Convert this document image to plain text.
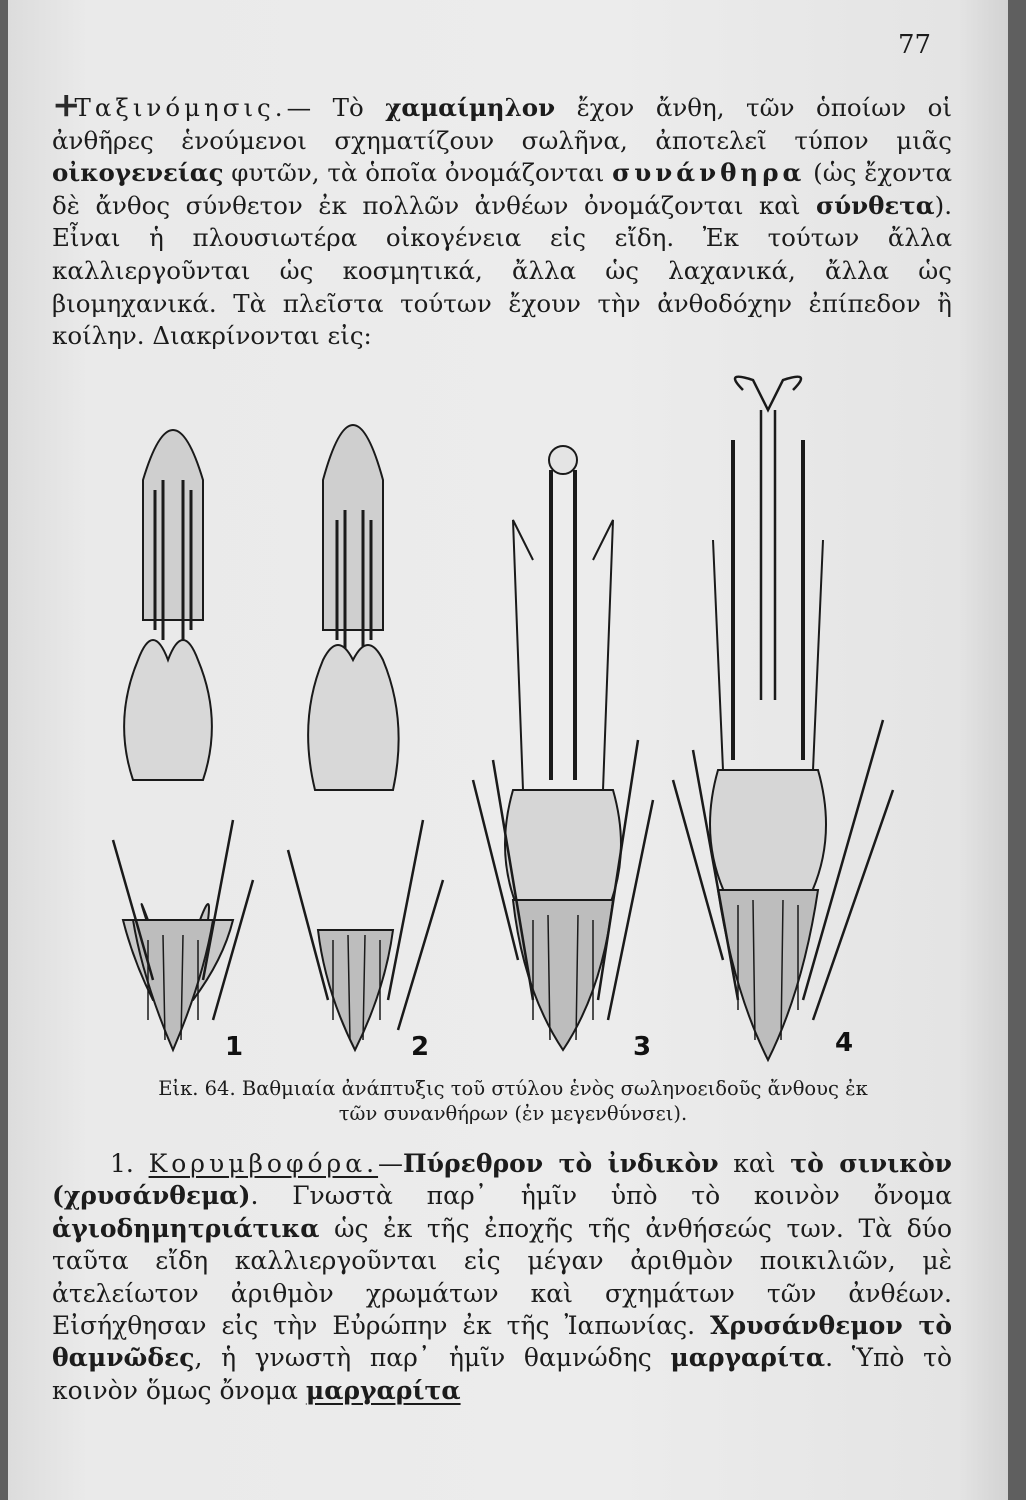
77

+Ταξινόμησις.— Τὸ χαμαίμηλον ἔχον ἄνθη, τῶν ὁποίων οἱ ἀνθῆρες ἑνούμενοι σχηματίζουν σωλῆνα, ἀποτελεῖ τύπον μιᾶς οἰκογενείας φυτῶν, τὰ ὁποῖα ὀνομάζονται συνάνθηρα (ὡς ἔχοντα δὲ ἄνθος σύνθετον ἐκ πολλῶν ἀνθέων ὀνομάζονται καὶ σύνθετα). Εἶναι ἡ πλουσιωτέρα οἰκογένεια εἰς εἴδη. Ἐκ τούτων ἄλλα καλλιεργοῦνται ὡς κοσμητικά, ἄλλα ὡς λαχανικά, ἄλλα ὡς βιομηχανικά. Τὰ πλεῖστα τούτων ἔχουν τὴν ἀνθοδόχην ἐπίπεδον ἢ κοίλην. Διακρίνονται εἰς:

1	2	3	4

Εἰκ. 64. Βαθμιαία ἀνάπτυξις τοῦ στύλου ἑνὸς σωληνοειδοῦς ἄνθους ἐκ
τῶν συνανθήρων (ἐν μεγενθύνσει).

1. Κορυμβοφόρα.—Πύρεθρον τὸ ἰνδικὸν καὶ τὸ σινικὸν (χρυσάνθεμα). Γνωστὰ παρ᾽ ἡμῖν ὑπὸ τὸ κοινὸν ὄνομα ἁγιοδημητριάτικα ὡς ἐκ τῆς ἐποχῆς τῆς ἀνθήσεώς των. Τὰ δύο ταῦτα εἴδη καλλιεργοῦνται εἰς μέγαν ἀριθμὸν ποικιλιῶν, μὲ ἀτελείωτον ἀριθμὸν χρωμάτων καὶ σχημάτων τῶν ἀνθέων. Εἰσήχθησαν εἰς τὴν Εὐρώπην ἐκ τῆς Ἰαπωνίας. Χρυσάνθεμον τὸ θαμνῶδες, ἡ γνωστὴ παρ᾽ ἡμῖν θαμνώδης μαργαρίτα. Ὑπὸ τὸ κοινὸν ὅμως ὄνομα μαργαρίτα
